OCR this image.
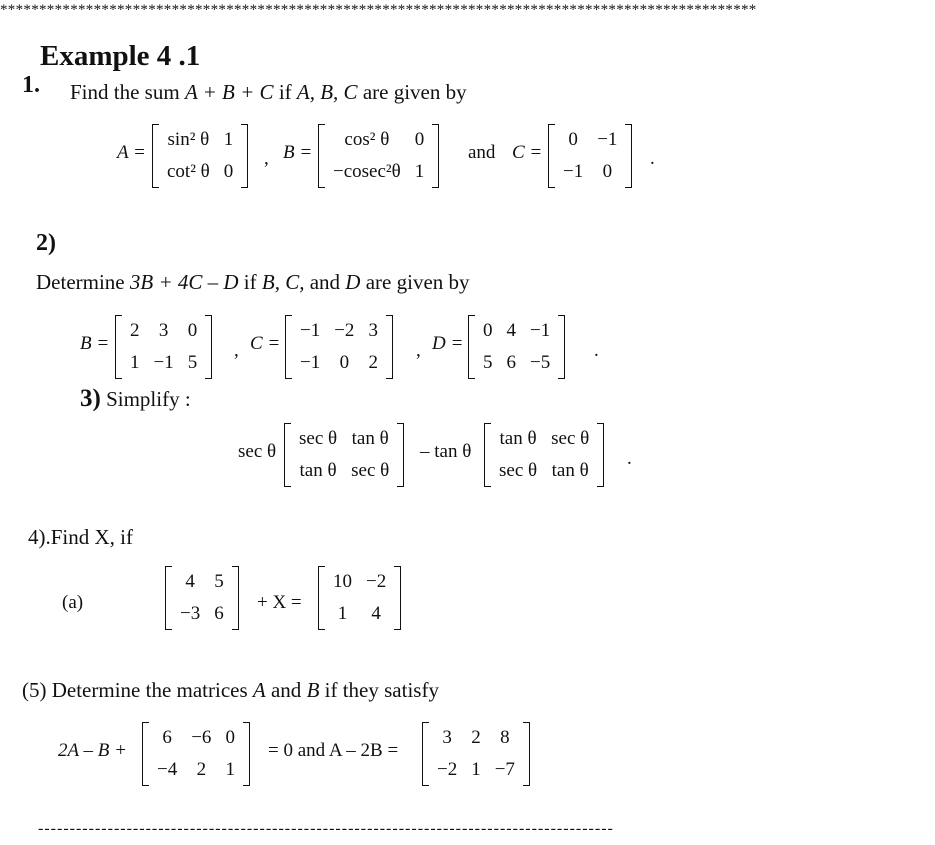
*************************************************************************************************
Example 4 .1
1. Find the sum A + B + C if A, B, C are given by
A =
sin² θ	1
cot² θ	0
, B =
cos² θ	0
−cosec²θ	1
and C =
0	−1
−1	0
.
2)
Determine 3B + 4C – D if B, C, and D are given by
B =
2	3	0
1	−1	5
, C =
−1	−2	3
−1	0	2
, D =
0	4	−1
5	6	−5
.
3) Simplify :
sec θ
sec θ	tan θ
tan θ	sec θ
– tan θ
tan θ	sec θ
sec θ	tan θ
.
4).Find X, if
(a)
4	5
−3	6
+ X =
10	−2
1	4
(5) Determine the matrices A and B if they satisfy
2A – B +
6	−6	0
−4	2	1
= 0 and A – 2B =
3	2	8
−2	1	−7
-------------------------------------------------------------------------------------------
